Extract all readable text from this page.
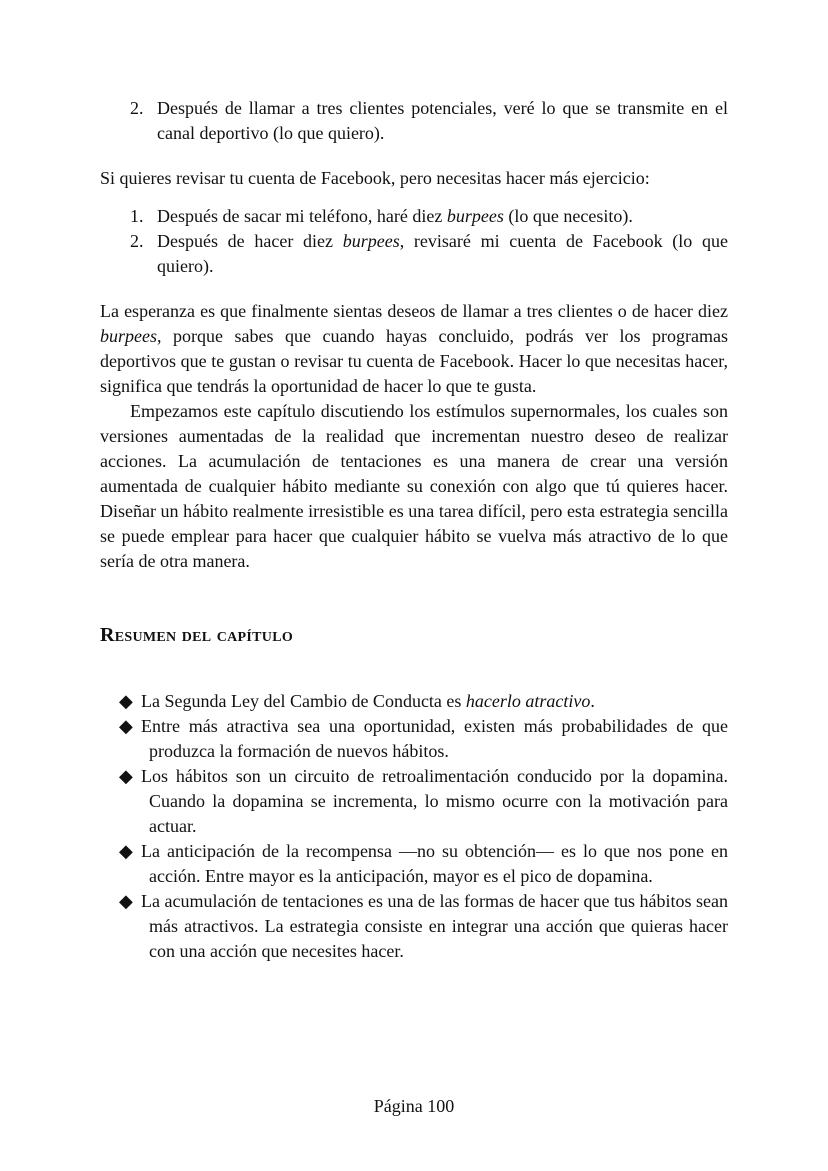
2. Después de llamar a tres clientes potenciales, veré lo que se transmite en el canal deportivo (lo que quiero).

Si quieres revisar tu cuenta de Facebook, pero necesitas hacer más ejercicio:

1. Después de sacar mi teléfono, haré diez burpees (lo que necesito).
2. Después de hacer diez burpees, revisaré mi cuenta de Facebook (lo que quiero).

La esperanza es que finalmente sientas deseos de llamar a tres clientes o de hacer diez burpees, porque sabes que cuando hayas concluido, podrás ver los programas deportivos que te gustan o revisar tu cuenta de Facebook. Hacer lo que necesitas hacer, significa que tendrás la oportunidad de hacer lo que te gusta.

Empezamos este capítulo discutiendo los estímulos supernormales, los cuales son versiones aumentadas de la realidad que incrementan nuestro deseo de realizar acciones. La acumulación de tentaciones es una manera de crear una versión aumentada de cualquier hábito mediante su conexión con algo que tú quieres hacer. Diseñar un hábito realmente irresistible es una tarea difícil, pero esta estrategia sencilla se puede emplear para hacer que cualquier hábito se vuelva más atractivo de lo que sería de otra manera.

Resumen del capítulo
◆ La Segunda Ley del Cambio de Conducta es hacerlo atractivo.
◆ Entre más atractiva sea una oportunidad, existen más probabilidades de que produzca la formación de nuevos hábitos.
◆ Los hábitos son un circuito de retroalimentación conducido por la dopamina. Cuando la dopamina se incrementa, lo mismo ocurre con la motivación para actuar.
◆ La anticipación de la recompensa —no su obtención— es lo que nos pone en acción. Entre mayor es la anticipación, mayor es el pico de dopamina.
◆ La acumulación de tentaciones es una de las formas de hacer que tus hábitos sean más atractivos. La estrategia consiste en integrar una acción que quieras hacer con una acción que necesites hacer.
Página 100
